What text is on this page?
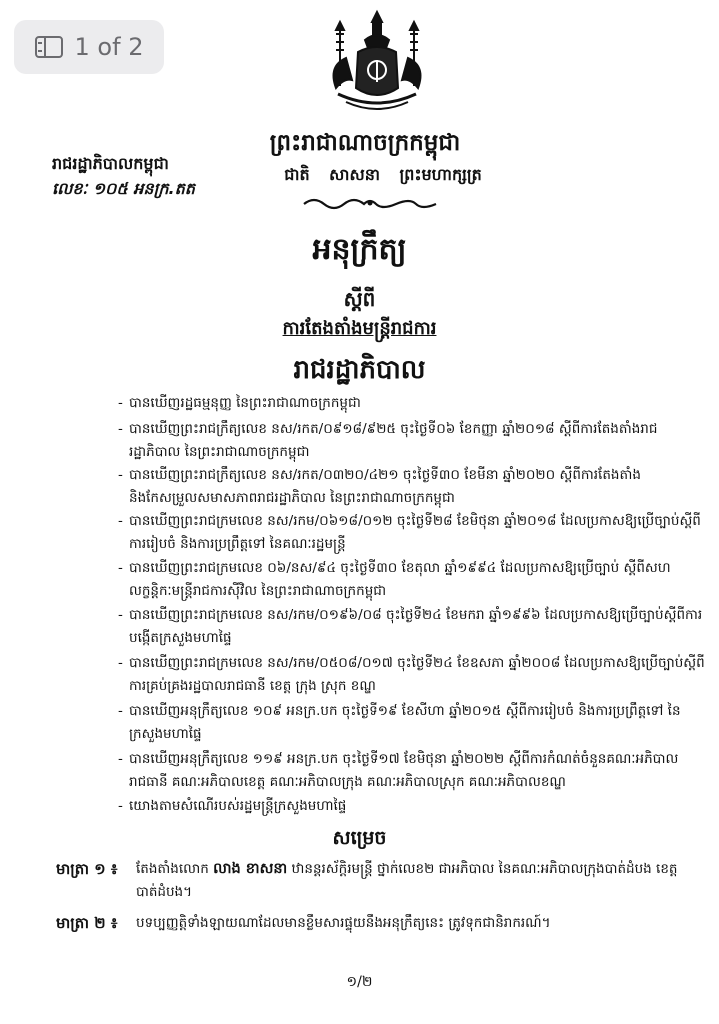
1 of 2
រាជរដ្ឋាភិបាលកម្ពុជា
លេខៈ ១០៥ អនក្រ.តត
ព្រះរាជាណាចក្រកម្ពុជា
ជាតិ សាសនា ព្រះមហាក្សត្រ
អនុក្រឹត្យ
ស្តីពី
ការតែងតាំងមន្ត្រីរាជការ
រាជរដ្ឋាភិបាល
- បានឃើញរដ្ឋធម្មនុញ្ញ នៃព្រះរាជាណាចក្រកម្ពុជា
- បានឃើញព្រះរាជក្រឹត្យលេខ នស/រកត/០៩១៨/៩២៥ ចុះថ្ងៃទី០៦ ខែកញ្ញា ឆ្នាំ២០១៨ ស្តីពីការតែងតាំងរាជរដ្ឋាភិបាល នៃព្រះរាជាណាចក្រកម្ពុជា
- បានឃើញព្រះរាជក្រឹត្យលេខ នស/រកត/០៣២០/៤២១ ចុះថ្ងៃទី៣០ ខែមីនា ឆ្នាំ២០២០ ស្តីពីការតែងតាំង និងកែសម្រួលសមាសភាពរាជរដ្ឋាភិបាល នៃព្រះរាជាណាចក្រកម្ពុជា
- បានឃើញព្រះរាជក្រមលេខ នស/រកម/០៦១៨/០១២ ចុះថ្ងៃទី២៨ ខែមិថុនា ឆ្នាំ២០១៨ ដែលប្រកាសឱ្យប្រើច្បាប់ស្តីពីការរៀបចំ និងការប្រព្រឹត្តទៅ នៃគណៈរដ្ឋមន្ត្រី
- បានឃើញព្រះរាជក្រមលេខ ០៦/នស/៩៤ ចុះថ្ងៃទី៣០ ខែតុលា ឆ្នាំ១៩៩៤ ដែលប្រកាសឱ្យប្រើច្បាប់ ស្តីពីសហលក្ខន្តិកៈមន្ត្រីរាជការស៊ីវិល នៃព្រះរាជាណាចក្រកម្ពុជា
- បានឃើញព្រះរាជក្រមលេខ នស/រកម/០១៩៦/០៨ ចុះថ្ងៃទី២៤ ខែមករា ឆ្នាំ១៩៩៦ ដែលប្រកាសឱ្យប្រើច្បាប់ស្តីពីការបង្កើតក្រសួងមហាផ្ទៃ
- បានឃើញព្រះរាជក្រមលេខ នស/រកម/០៥០៨/០១៧ ចុះថ្ងៃទី២៤ ខែឧសភា ឆ្នាំ២០០៨ ដែលប្រកាសឱ្យប្រើច្បាប់ស្តីពីការគ្រប់គ្រងរដ្ឋបាលរាជធានី ខេត្ត ក្រុង ស្រុក ខណ្ឌ
- បានឃើញអនុក្រឹត្យលេខ ១០៩ អនក្រ.បក ចុះថ្ងៃទី១៩ ខែសីហា ឆ្នាំ២០១៥ ស្តីពីការរៀបចំ និងការប្រព្រឹត្តទៅ នៃក្រសួងមហាផ្ទៃ
- បានឃើញអនុក្រឹត្យលេខ ១១៩ អនក្រ.បក ចុះថ្ងៃទី១៧ ខែមិថុនា ឆ្នាំ២០២២ ស្តីពីការកំណត់ចំនួនគណៈអភិបាលរាជធានី គណៈអភិបាលខេត្ត គណៈអភិបាលក្រុង គណៈអភិបាលស្រុក គណៈអភិបាលខណ្ឌ
- យោងតាមសំណើរបស់រដ្ឋមន្ត្រីក្រសួងមហាផ្ទៃ
សម្រេច
មាត្រា ១ ៖	តែងតាំងលោក លាង ខាសនា ឋានន្តរស័ក្តិរមន្ត្រី ថ្នាក់លេខ២ ជាអភិបាល នៃគណៈអភិបាលក្រុងបាត់ដំបង ខេត្តបាត់ដំបង។
មាត្រា ២ ៖	បទប្បញ្ញត្តិទាំងឡាយណាដែលមានខ្លឹមសារផ្ទុយនឹងអនុក្រឹត្យនេះ ត្រូវទុកជានិរាករណ៍។
១/២
